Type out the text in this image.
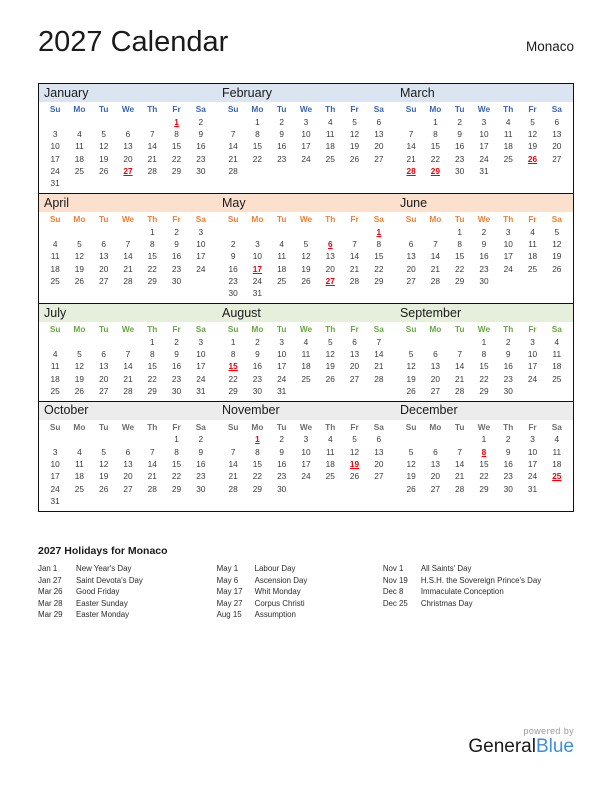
2027 Calendar	Monaco
January	February	March
Su	Mo	Tu	We	Th	Fr	Sa
					1	2
3	4	5	6	7	8	9
10	11	12	13	14	15	16
17	18	19	20	21	22	23
24	25	26	27	28	29	30
31						
Su	Mo	Tu	We	Th	Fr	Sa
	1	2	3	4	5	6
7	8	9	10	11	12	13
14	15	16	17	18	19	20
21	22	23	24	25	26	27
28						
Su	Mo	Tu	We	Th	Fr	Sa
	1	2	3	4	5	6
7	8	9	10	11	12	13
14	15	16	17	18	19	20
21	22	23	24	25	26	27
28	29	30	31			
April	May	June
Su	Mo	Tu	We	Th	Fr	Sa
				1	2	3
4	5	6	7	8	9	10
11	12	13	14	15	16	17
18	19	20	21	22	23	24
25	26	27	28	29	30	
Su	Mo	Tu	We	Th	Fr	Sa
						1
2	3	4	5	6	7	8
9	10	11	12	13	14	15
16	17	18	19	20	21	22
23	24	25	26	27	28	29
30	31					
Su	Mo	Tu	We	Th	Fr	Sa
		1	2	3	4	5
6	7	8	9	10	11	12
13	14	15	16	17	18	19
20	21	22	23	24	25	26
27	28	29	30			
July	August	September
Su	Mo	Tu	We	Th	Fr	Sa
				1	2	3
4	5	6	7	8	9	10
11	12	13	14	15	16	17
18	19	20	21	22	23	24
25	26	27	28	29	30	31
Su	Mo	Tu	We	Th	Fr	Sa
1	2	3	4	5	6	7
8	9	10	11	12	13	14
15	16	17	18	19	20	21
22	23	24	25	26	27	28
29	30	31				
Su	Mo	Tu	We	Th	Fr	Sa
			1	2	3	4
5	6	7	8	9	10	11
12	13	14	15	16	17	18
19	20	21	22	23	24	25
26	27	28	29	30		
October	November	December
Su	Mo	Tu	We	Th	Fr	Sa
					1	2
3	4	5	6	7	8	9
10	11	12	13	14	15	16
17	18	19	20	21	22	23
24	25	26	27	28	29	30
31						
Su	Mo	Tu	We	Th	Fr	Sa
	1	2	3	4	5	6
7	8	9	10	11	12	13
14	15	16	17	18	19	20
21	22	23	24	25	26	27
28	29	30				
Su	Mo	Tu	We	Th	Fr	Sa
			1	2	3	4
5	6	7	8	9	10	11
12	13	14	15	16	17	18
19	20	21	22	23	24	25
26	27	28	29	30	31	
2027 Holidays for Monaco
Jan 1	New Year's Day
Jan 27	Saint Devota's Day
Mar 26	Good Friday
Mar 28	Easter Sunday
Mar 29	Easter Monday
May 1	Labour Day
May 6	Ascension Day
May 17	Whit Monday
May 27	Corpus Christi
Aug 15	Assumption
Nov 1	All Saints' Day
Nov 19	H.S.H. the Sovereign Prince's Day
Dec 8	Immaculate Conception
Dec 25	Christmas Day
powered by
GeneralBlue
